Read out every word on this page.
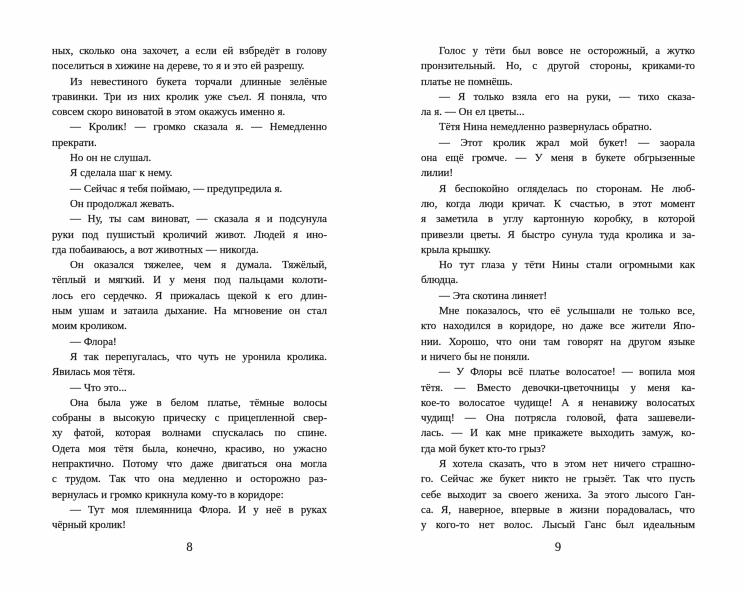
ных, сколько она захочет, а если ей взбредёт в голову
поселиться в хижине на дереве, то я и это ей разрешу.
Из невестиного букета торчали длинные зелёные
травинки. Три из них кролик уже съел. Я поняла, что
совсем скоро виноватой в этом окажусь именно я.
— Кролик! — громко сказала я. — Немедленно
прекрати.
Но он не слушал.
Я сделала шаг к нему.
— Сейчас я тебя поймаю, — предупредила я.
Он продолжал жевать.
— Ну, ты сам виноват, — сказала я и подсунула
руки под пушистый кроличий живот. Людей я ино-
гда побаиваюсь, а вот животных — никогда.
Он оказался тяжелее, чем я думала. Тяжёлый,
тёплый и мягкий. И у меня под пальцами колоти-
лось его сердечко. Я прижалась щекой к его длин-
ным ушам и затаила дыхание. На мгновение он стал
моим кроликом.
— Флора!
Я так перепугалась, что чуть не уронила кролика.
Явилась моя тётя.
— Что это...
Она была уже в белом платье, тёмные волосы
собраны в высокую прическу с прицепленной свер-
ху фатой, которая волнами спускалась по спине.
Одета моя тётя была, конечно, красиво, но ужасно
непрактично. Потому что даже двигаться она могла
с трудом. Так что она медленно и осторожно раз-
вернулась и громко крикнула кому-то в коридоре:
— Тут моя племянница Флора. И у неё в руках
чёрный кролик!
Голос у тёти был вовсе не осторожный, а жутко
пронзительный. Но, с другой стороны, криками-то
платье не помнёшь.
— Я только взяла его на руки, — тихо сказа-
ла я. — Он ел цветы...
Тётя Нина немедленно развернулась обратно.
— Этот кролик жрал мой букет! — заорала
она ещё громче. — У меня в букете обгрызенные
лилии!
Я беспокойно огляделась по сторонам. Не люб-
лю, когда люди кричат. К счастью, в этот момент
я заметила в углу картонную коробку, в которой
привезли цветы. Я быстро сунула туда кролика и за-
крыла крышку.
Но тут глаза у тёти Нины стали огромными как
блюдца.
— Эта скотина линяет!
Мне показалось, что её услышали не только все,
кто находился в коридоре, но даже все жители Япо-
нии. Хорошо, что они там говорят на другом языке
и ничего бы не поняли.
— У Флоры всё платье волосатое! — вопила моя
тётя. — Вместо девочки-цветочницы у меня ка-
кое-то волосатое чудище! А я ненавижу волосатых
чудищ! — Она потрясла головой, фата зашевели-
лась. — И как мне прикажете выходить замуж, ко-
гда мой букет кто-то грыз?
Я хотела сказать, что в этом нет ничего страшно-
го. Сейчас же букет никто не грызёт. Так что пусть
себе выходит за своего жениха. За этого лысого Ган-
са. Я, наверное, впервые в жизни порадовалась, что
у кого-то нет волос. Лысый Ганс был идеальным
8	9
